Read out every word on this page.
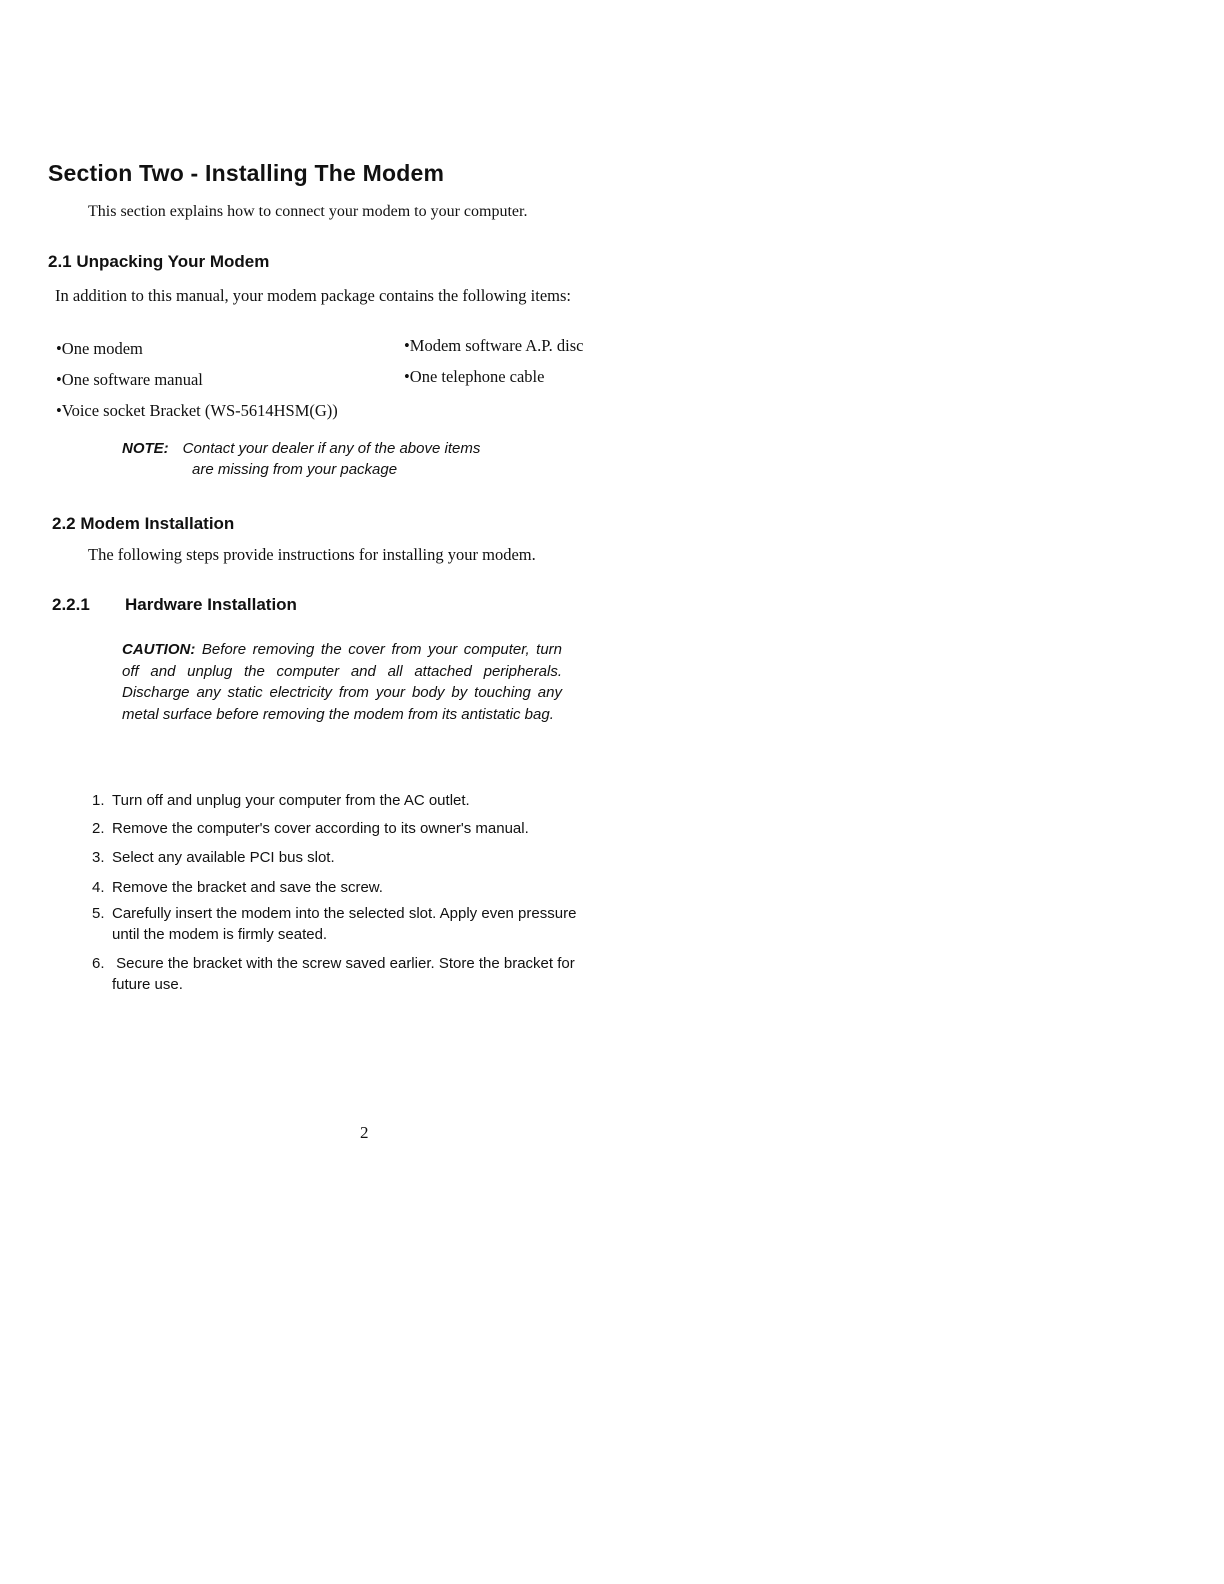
Section Two - Installing The Modem
This section explains how to connect your modem to your computer.
2.1 Unpacking Your Modem
In addition to this manual, your modem package contains the following items:
•One modem	•Modem software A.P. disc
•One software manual	•One telephone cable
•Voice socket Bracket (WS-5614HSM(G))
NOTE: Contact your dealer if any of the above items
are missing from your package
2.2 Modem Installation
The following steps provide instructions for installing your modem.
2.2.1 Hardware Installation
CAUTION: Before removing the cover from your computer, turn off and unplug the computer and all attached peripherals. Discharge any static electricity from your body by touching any metal surface before removing the modem from its antistatic bag.
1. Turn off and unplug your computer from the AC outlet.
2. Remove the computer's cover according to its owner's manual.
3. Select any available PCI bus slot.
4. Remove the bracket and save the screw.
5. Carefully insert the modem into the selected slot. Apply even pressure
until the modem is firmly seated.
6. Secure the bracket with the screw saved earlier. Store the bracket for
future use.
2
